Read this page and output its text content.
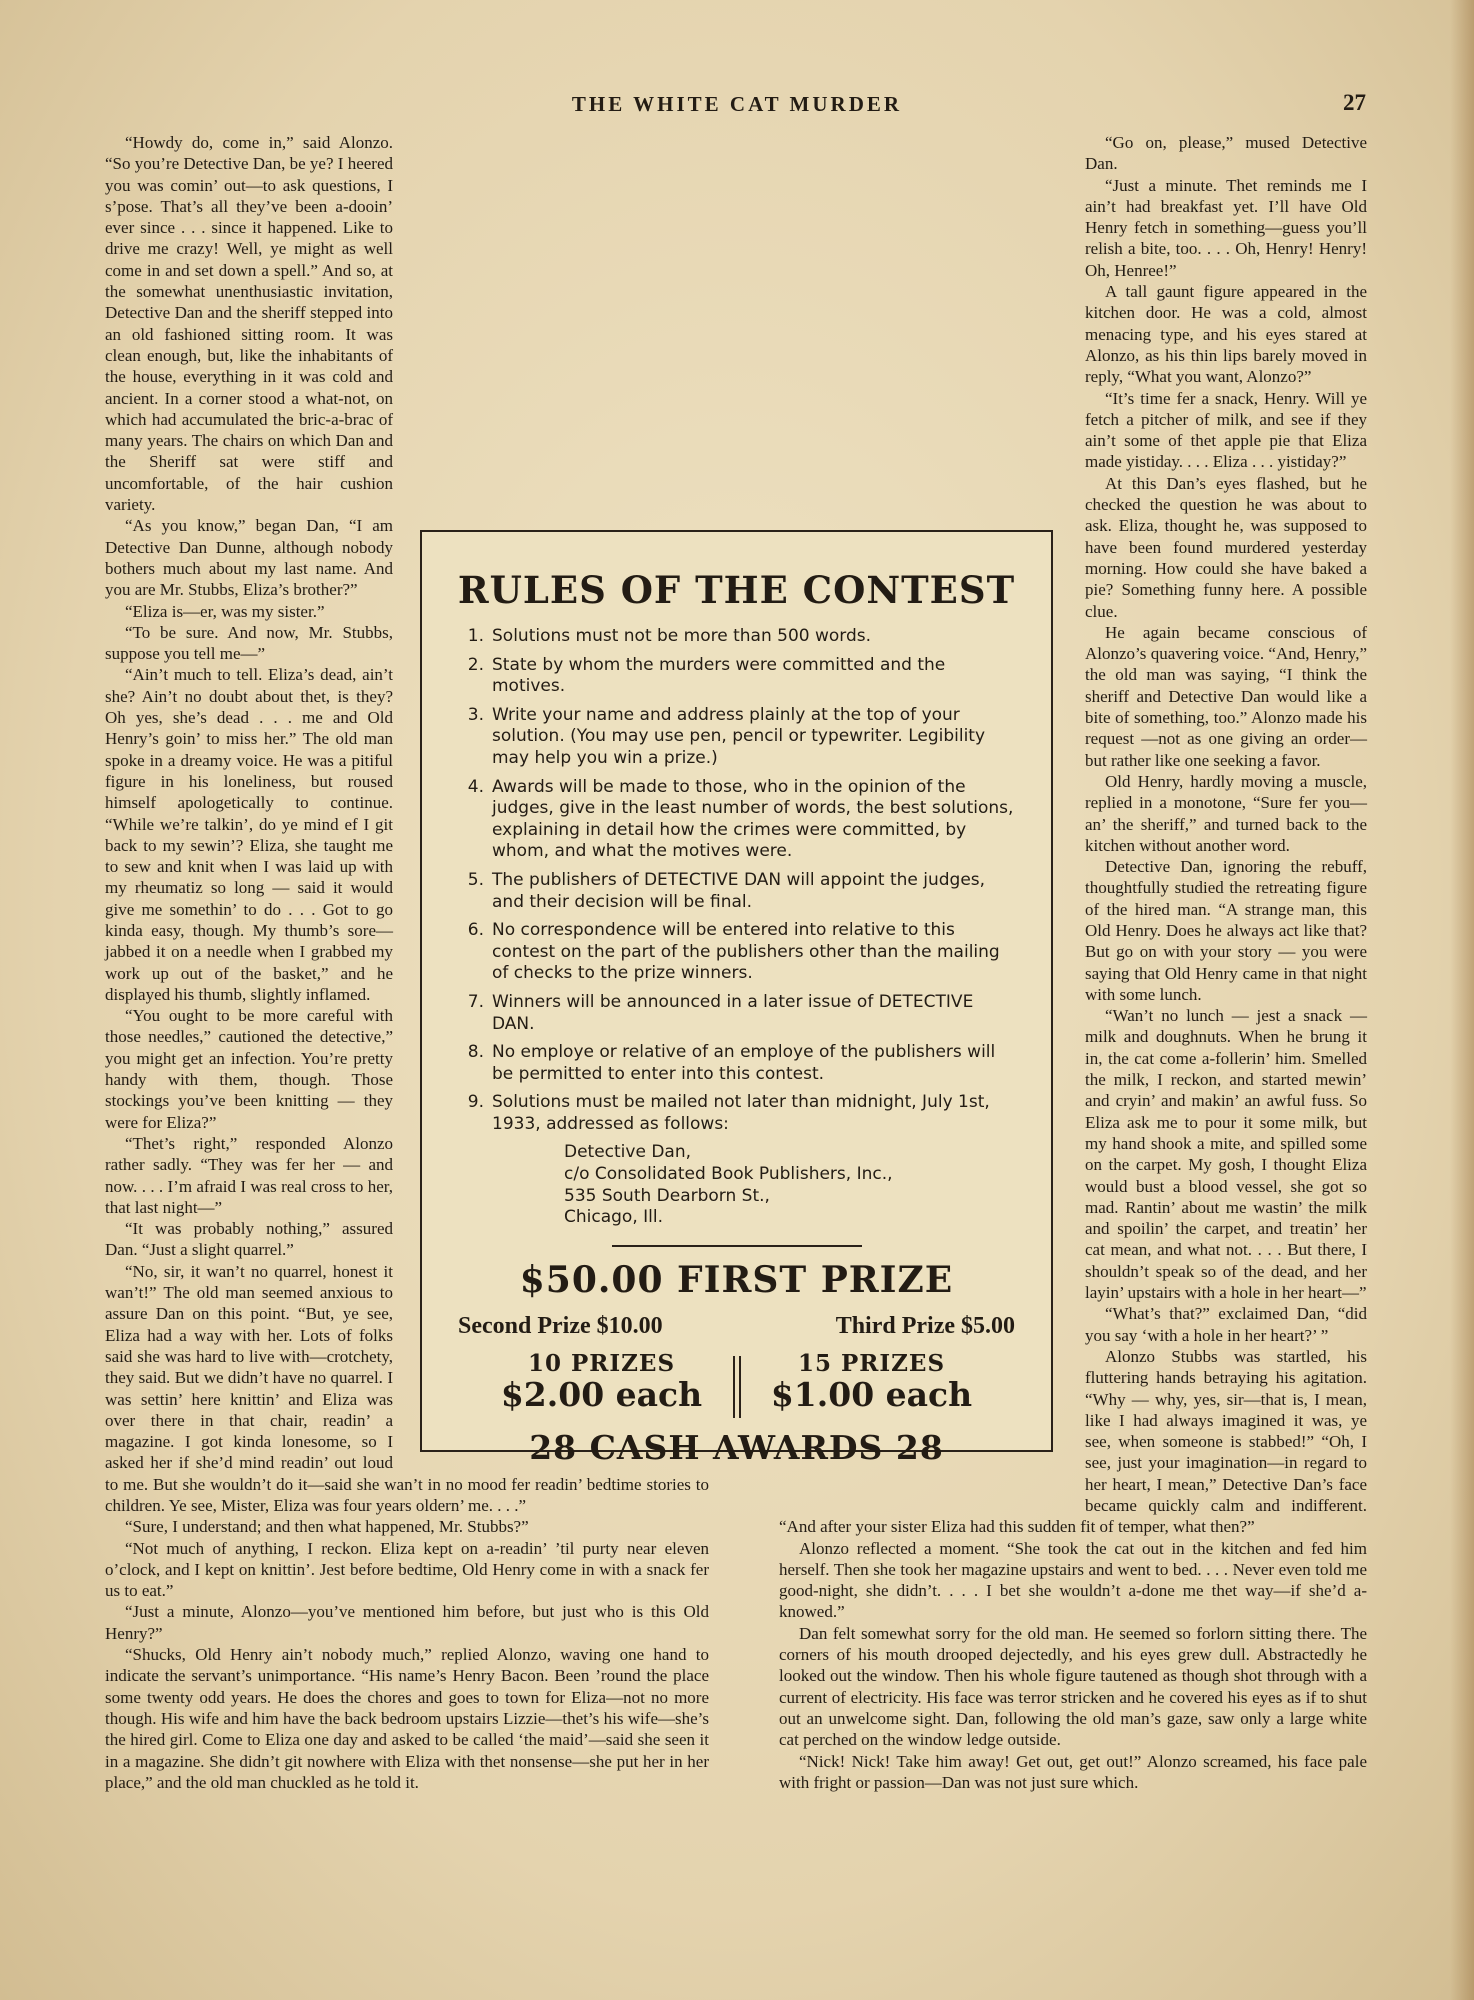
THE WHITE CAT MURDER	27

“Howdy do, come in,” said Alonzo. “So you’re Detective Dan, be ye? I heered you was comin’ out—to ask questions, I s’pose. That’s all they’ve been a-dooin’ ever since . . . since it happened. Like to drive me crazy! Well, ye might as well come in and set down a spell.” And so, at the somewhat unenthusiastic invitation, Detective Dan and the sheriff stepped into an old fashioned sitting room. It was clean enough, but, like the inhabitants of the house, everything in it was cold and ancient. In a corner stood a what-not, on which had accumulated the bric-a-brac of many years. The chairs on which Dan and the Sheriff sat were stiff and uncomfortable, of the hair cushion variety.

“As you know,” began Dan, “I am Detective Dan Dunne, although nobody bothers much about my last name. And you are Mr. Stubbs, Eliza’s brother?”

“Eliza is—er, was my sister.”

“To be sure. And now, Mr. Stubbs, suppose you tell me—”

“Ain’t much to tell. Eliza’s dead, ain’t she? Ain’t no doubt about thet, is they? Oh yes, she’s dead . . . me and Old Henry’s goin’ to miss her.” The old man spoke in a dreamy voice. He was a pitiful figure in his loneliness, but roused himself apologetically to continue. “While we’re talkin’, do ye mind ef I git back to my sewin’? Eliza, she taught me to sew and knit when I was laid up with my rheumatiz so long — said it would give me somethin’ to do . . . Got to go kinda easy, though. My thumb’s sore—jabbed it on a needle when I grabbed my work up out of the basket,” and he displayed his thumb, slightly inflamed.

“You ought to be more careful with those needles,” cautioned the detective,” you might get an infection. You’re pretty handy with them, though. Those stockings you’ve been knitting — they were for Eliza?”

“Thet’s right,” responded Alonzo rather sadly. “They was fer her — and now. . . . I’m afraid I was real cross to her, that last night—”

“It was probably nothing,” assured Dan. “Just a slight quarrel.”

“No, sir, it wan’t no quarrel, honest it wan’t!” The old man seemed anxious to assure Dan on this point. “But, ye see, Eliza had a way with her. Lots of folks said she was hard to live with—crotchety, they said. But we didn’t have no quarrel. I was settin’ here knittin’ and Eliza was over there in that chair, readin’ a magazine. I got kinda lonesome, so I asked her if she’d mind readin’ out loud to me. But she wouldn’t do it—said she wan’t in no mood fer readin’ bedtime stories to children. Ye see, Mister, Eliza was four years oldern’ me. . . .”

“Sure, I understand; and then what happened, Mr. Stubbs?”

“Not much of anything, I reckon. Eliza kept on a-readin’ ’til purty near eleven o’clock, and I kept on knittin’. Jest before bedtime, Old Henry come in with a snack fer us to eat.”

“Just a minute, Alonzo—you’ve mentioned him before, but just who is this Old Henry?”

“Shucks, Old Henry ain’t nobody much,” replied Alonzo, waving one hand to indicate the servant’s unimportance. “His name’s Henry Bacon. Been ’round the place some twenty odd years. He does the chores and goes to town for Eliza—not no more though. His wife and him have the back bedroom upstairs Lizzie—thet’s his wife—she’s the hired girl. Come to Eliza one day and asked to be called ‘the maid’—said she seen it in a magazine. She didn’t git nowhere with Eliza with thet nonsense—she put her in her place,” and the old man chuckled as he told it.

“Go on, please,” mused Detective Dan.

“Just a minute. Thet reminds me I ain’t had breakfast yet. I’ll have Old Henry fetch in something—guess you’ll relish a bite, too. . . . Oh, Henry! Henry! Oh, Henree!”

A tall gaunt figure appeared in the kitchen door. He was a cold, almost menacing type, and his eyes stared at Alonzo, as his thin lips barely moved in reply, “What you want, Alonzo?”

“It’s time fer a snack, Henry. Will ye fetch a pitcher of milk, and see if they ain’t some of thet apple pie that Eliza made yistiday. . . . Eliza . . . yistiday?”

At this Dan’s eyes flashed, but he checked the question he was about to ask. Eliza, thought he, was supposed to have been found murdered yesterday morning. How could she have baked a pie? Something funny here. A possible clue.

He again became conscious of Alonzo’s quavering voice. “And, Henry,” the old man was saying, “I think the sheriff and Detective Dan would like a bite of something, too.” Alonzo made his request —not as one giving an order— but rather like one seeking a favor.

Old Henry, hardly moving a muscle, replied in a monotone, “Sure fer you—an’ the sheriff,” and turned back to the kitchen without another word.

Detective Dan, ignoring the rebuff, thoughtfully studied the retreating figure of the hired man. “A strange man, this Old Henry. Does he always act like that? But go on with your story — you were saying that Old Henry came in that night with some lunch.

“Wan’t no lunch — jest a snack — milk and doughnuts. When he brung it in, the cat come a-follerin’ him. Smelled the milk, I reckon, and started mewin’ and cryin’ and makin’ an awful fuss. So Eliza ask me to pour it some milk, but my hand shook a mite, and spilled some on the carpet. My gosh, I thought Eliza would bust a blood vessel, she got so mad. Rantin’ about me wastin’ the milk and spoilin’ the carpet, and treatin’ her cat mean, and what not. . . . But there, I shouldn’t speak so of the dead, and her layin’ upstairs with a hole in her heart—”

“What’s that?” exclaimed Dan, “did you say ‘with a hole in her heart?’ ”

Alonzo Stubbs was startled, his fluttering hands betraying his agitation. “Why — why, yes, sir—that is, I mean, like I had always imagined it was, ye see, when someone is stabbed!” “Oh, I see, just your imagination—in regard to her heart, I mean,” Detective Dan’s face became quickly calm and indifferent. “And after your sister Eliza had this sudden fit of temper, what then?”

Alonzo reflected a moment. “She took the cat out in the kitchen and fed him herself. Then she took her magazine upstairs and went to bed. . . . Never even told me good-night, she didn’t. . . . I bet she wouldn’t a-done me thet way—if she’d a-knowed.”

Dan felt somewhat sorry for the old man. He seemed so forlorn sitting there. The corners of his mouth drooped dejectedly, and his eyes grew dull. Abstractedly he looked out the window. Then his whole figure tautened as though shot through with a current of electricity. His face was terror stricken and he covered his eyes as if to shut out an unwelcome sight. Dan, following the old man’s gaze, saw only a large white cat perched on the window ledge outside.

“Nick! Nick! Take him away! Get out, get out!” Alonzo screamed, his face pale with fright or passion—Dan was not just sure which.

RULES OF THE CONTEST
1. Solutions must not be more than 500 words.
2. State by whom the murders were committed and the motives.
3. Write your name and address plainly at the top of your solution. (You may use pen, pencil or typewriter. Legibility may help you win a prize.)
4. Awards will be made to those, who in the opinion of the judges, give in the least number of words, the best solutions, explaining in detail how the crimes were committed, by whom, and what the motives were.
5. The publishers of DETECTIVE DAN will appoint the judges, and their decision will be final.
6. No correspondence will be entered into relative to this contest on the part of the publishers other than the mailing of checks to the prize winners.
7. Winners will be announced in a later issue of DETECTIVE DAN.
8. No employe or relative of an employe of the publishers will be permitted to enter into this contest.
9. Solutions must be mailed not later than midnight, July 1st, 1933, addressed as follows:
Detective Dan,
c/o Consolidated Book Publishers, Inc.,
535 South Dearborn St.,
Chicago, Ill.
$50.00 FIRST PRIZE
Second Prize $10.00	Third Prize $5.00
10 PRIZES
$2.00 each
15 PRIZES
$1.00 each
28 CASH AWARDS 28
